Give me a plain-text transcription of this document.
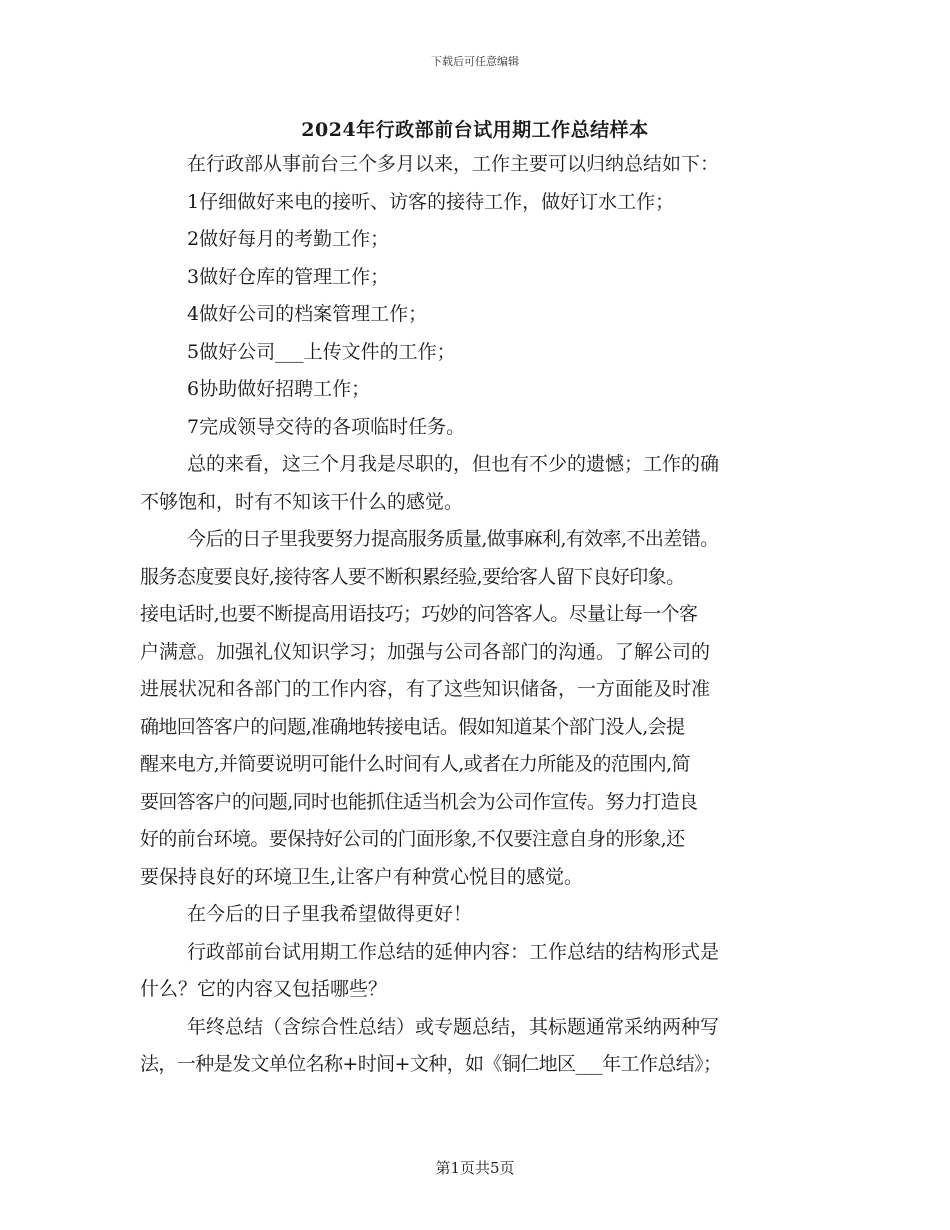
下载后可任意编辑
2024年行政部前台试用期工作总结样本
在行政部从事前台三个多月以来，工作主要可以归纳总结如下：
1仔细做好来电的接听、访客的接待工作，做好订水工作；
2做好每月的考勤工作；
3做好仓库的管理工作；
4做好公司的档案管理工作；
5做好公司___上传文件的工作；
6协助做好招聘工作；
7完成领导交待的各项临时任务。
总的来看，这三个月我是尽职的，但也有不少的遗憾；工作的确
不够饱和，时有不知该干什么的感觉。
今后的日子里我要努力提高服务质量,做事麻利,有效率,不出差错。
服务态度要良好,接待客人要不断积累经验,要给客人留下良好印象。
接电话时,也要不断提高用语技巧；巧妙的问答客人。尽量让每一个客
户满意。加强礼仪知识学习；加强与公司各部门的沟通。了解公司的
进展状况和各部门的工作内容，有了这些知识储备，一方面能及时准
确地回答客户的问题,准确地转接电话。假如知道某个部门没人,会提
醒来电方,并简要说明可能什么时间有人,或者在力所能及的范围内,简
要回答客户的问题,同时也能抓住适当机会为公司作宣传。努力打造良
好的前台环境。要保持好公司的门面形象,不仅要注意自身的形象,还
要保持良好的环境卫生,让客户有种赏心悦目的感觉。
在今后的日子里我希望做得更好！
行政部前台试用期工作总结的延伸内容：工作总结的结构形式是
什么？它的内容又包括哪些？
年终总结（含综合性总结）或专题总结，其标题通常采纳两种写
法，一种是发文单位名称+时间+文种，如《铜仁地区___年工作总结》；
第1页共5页
